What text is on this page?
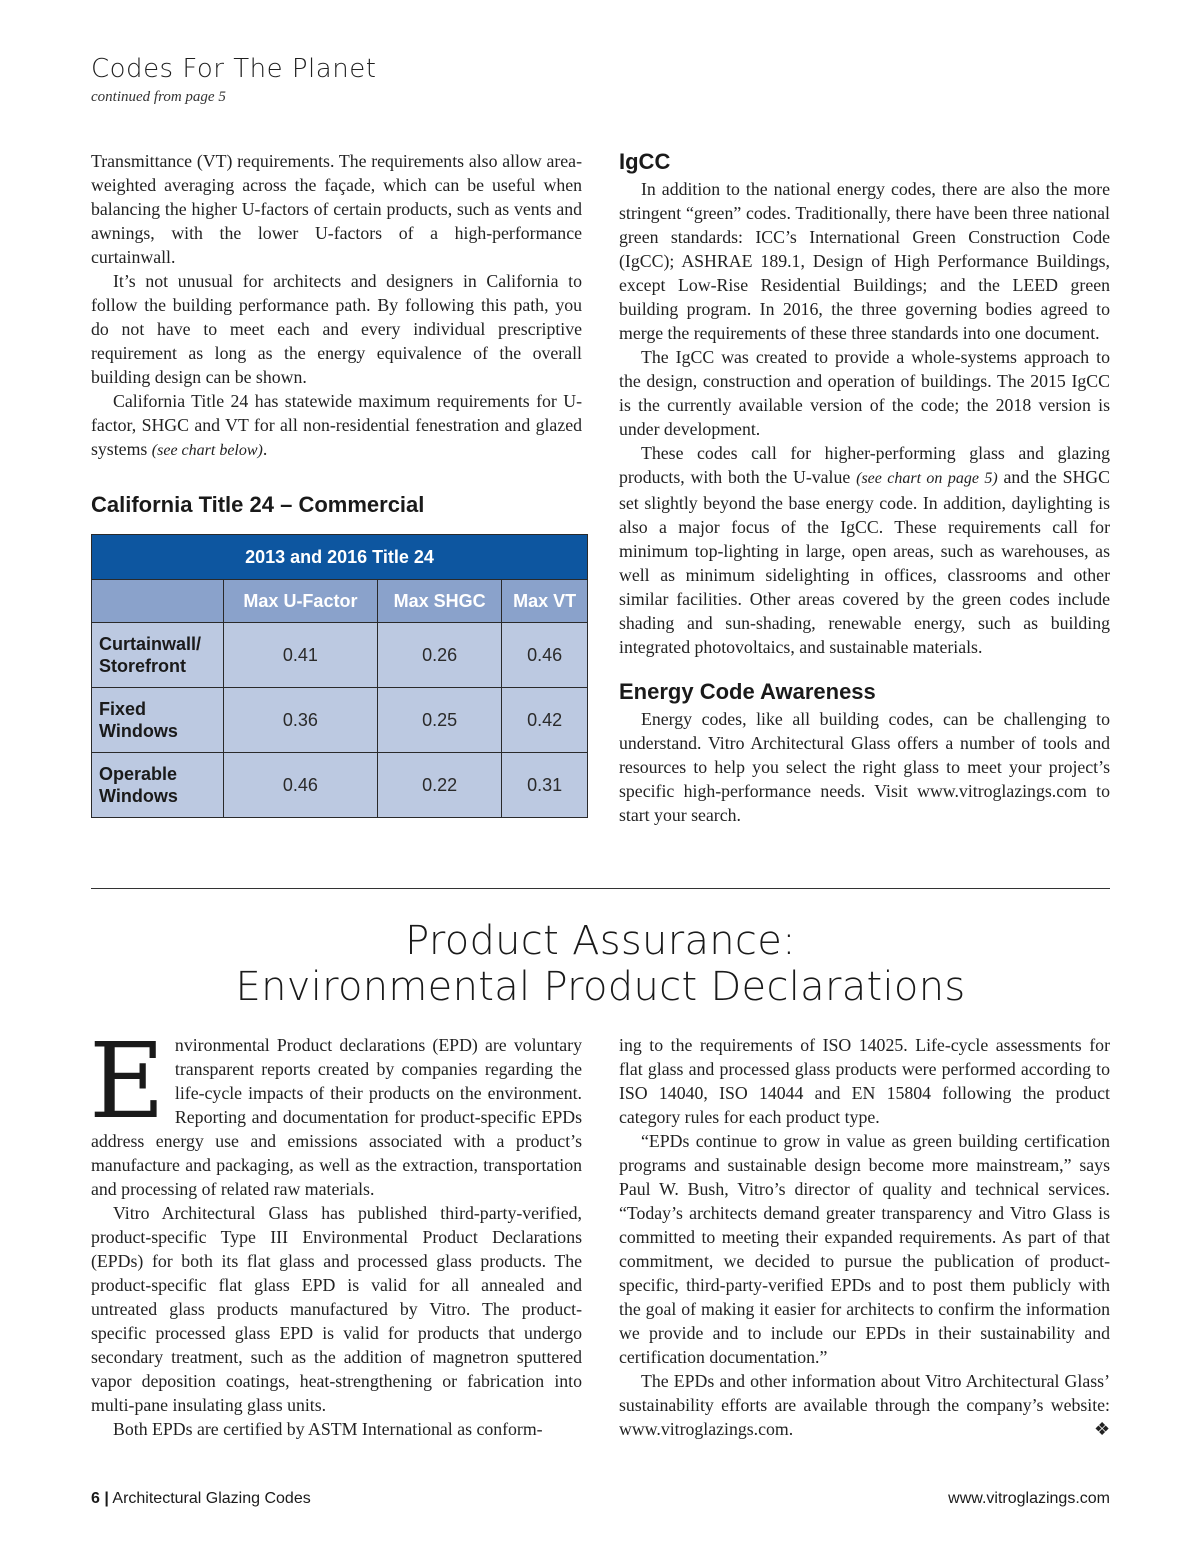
Codes For The Planet
continued from page 5

Transmittance (VT) requirements. The requirements also allow area-weighted averaging across the façade, which can be useful when balancing the higher U-factors of certain products, such as vents and awnings, with the lower U-factors of a high-performance curtainwall.

It’s not unusual for architects and designers in California to follow the building performance path. By following this path, you do not have to meet each and every individual prescriptive requirement as long as the energy equivalence of the overall building design can be shown.

California Title 24 has statewide maximum requirements for U-factor, SHGC and VT for all non-residential fenestration and glazed systems (see chart below).

California Title 24 – Commercial
2013 and 2016 Title 24			
	Max U-Factor	Max SHGC	Max VT
Curtainwall/ Storefront	0.41	0.26	0.46
Fixed Windows	0.36	0.25	0.42
Operable Windows	0.46	0.22	0.31
IgCC

In addition to the national energy codes, there are also the more stringent “green” codes. Traditionally, there have been three national green standards: ICC’s International Green Construction Code (IgCC); ASHRAE 189.1, Design of High Performance Buildings, except Low-Rise Residential Buildings; and the LEED green building program. In 2016, the three governing bodies agreed to merge the requirements of these three standards into one document.

The IgCC was created to provide a whole-systems approach to the design, construction and operation of buildings. The 2015 IgCC is the currently available version of the code; the 2018 version is under development.

These codes call for higher-performing glass and glazing products, with both the U-value (see chart on page 5) and the SHGC set slightly beyond the base energy code. In addition, daylighting is also a major focus of the IgCC. These requirements call for minimum top-lighting in large, open areas, such as warehouses, as well as minimum sidelighting in offices, classrooms and other similar facilities. Other areas covered by the green codes include shading and sun-shading, renewable energy, such as building integrated photovoltaics, and sustainable materials.

Energy Code Awareness

Energy codes, like all building codes, can be challenging to understand. Vitro Architectural Glass offers a number of tools and resources to help you select the right glass to meet your project’s specific high-performance needs. Visit www.vitroglazings.com to start your search.

Product Assurance:
Environmental Product Declarations

Environmental Product declarations (EPD) are voluntary transparent reports created by companies regarding the life-cycle impacts of their products on the environment. Reporting and documentation for product-specific EPDs address energy use and emissions associated with a product’s manufacture and packaging, as well as the extraction, transportation and processing of related raw materials.

Vitro Architectural Glass has published third-party-verified, product-specific Type III Environmental Product Declarations (EPDs) for both its flat glass and processed glass products. The product-specific flat glass EPD is valid for all annealed and untreated glass products manufactured by Vitro. The product-specific processed glass EPD is valid for products that undergo secondary treatment, such as the addition of magnetron sputtered vapor deposition coatings, heat-strengthening or fabrication into multi-pane insulating glass units.

Both EPDs are certified by ASTM International as conform-

ing to the requirements of ISO 14025. Life-cycle assessments for flat glass and processed glass products were performed according to ISO 14040, ISO 14044 and EN 15804 following the product category rules for each product type.

“EPDs continue to grow in value as green building certification programs and sustainable design become more mainstream,” says Paul W. Bush, Vitro’s director of quality and technical services. “Today’s architects demand greater transparency and Vitro Glass is committed to meeting their expanded requirements. As part of that commitment, we decided to pursue the publication of product-specific, third-party-verified EPDs and to post them publicly with the goal of making it easier for architects to confirm the information we provide and to include our EPDs in their sustainability and certification documentation.”

The EPDs and other information about Vitro Architectural Glass’ sustainability efforts are available through the company’s website: www.vitroglazings.com.	❖

6 | Architectural Glazing Codes	www.vitroglazings.com
